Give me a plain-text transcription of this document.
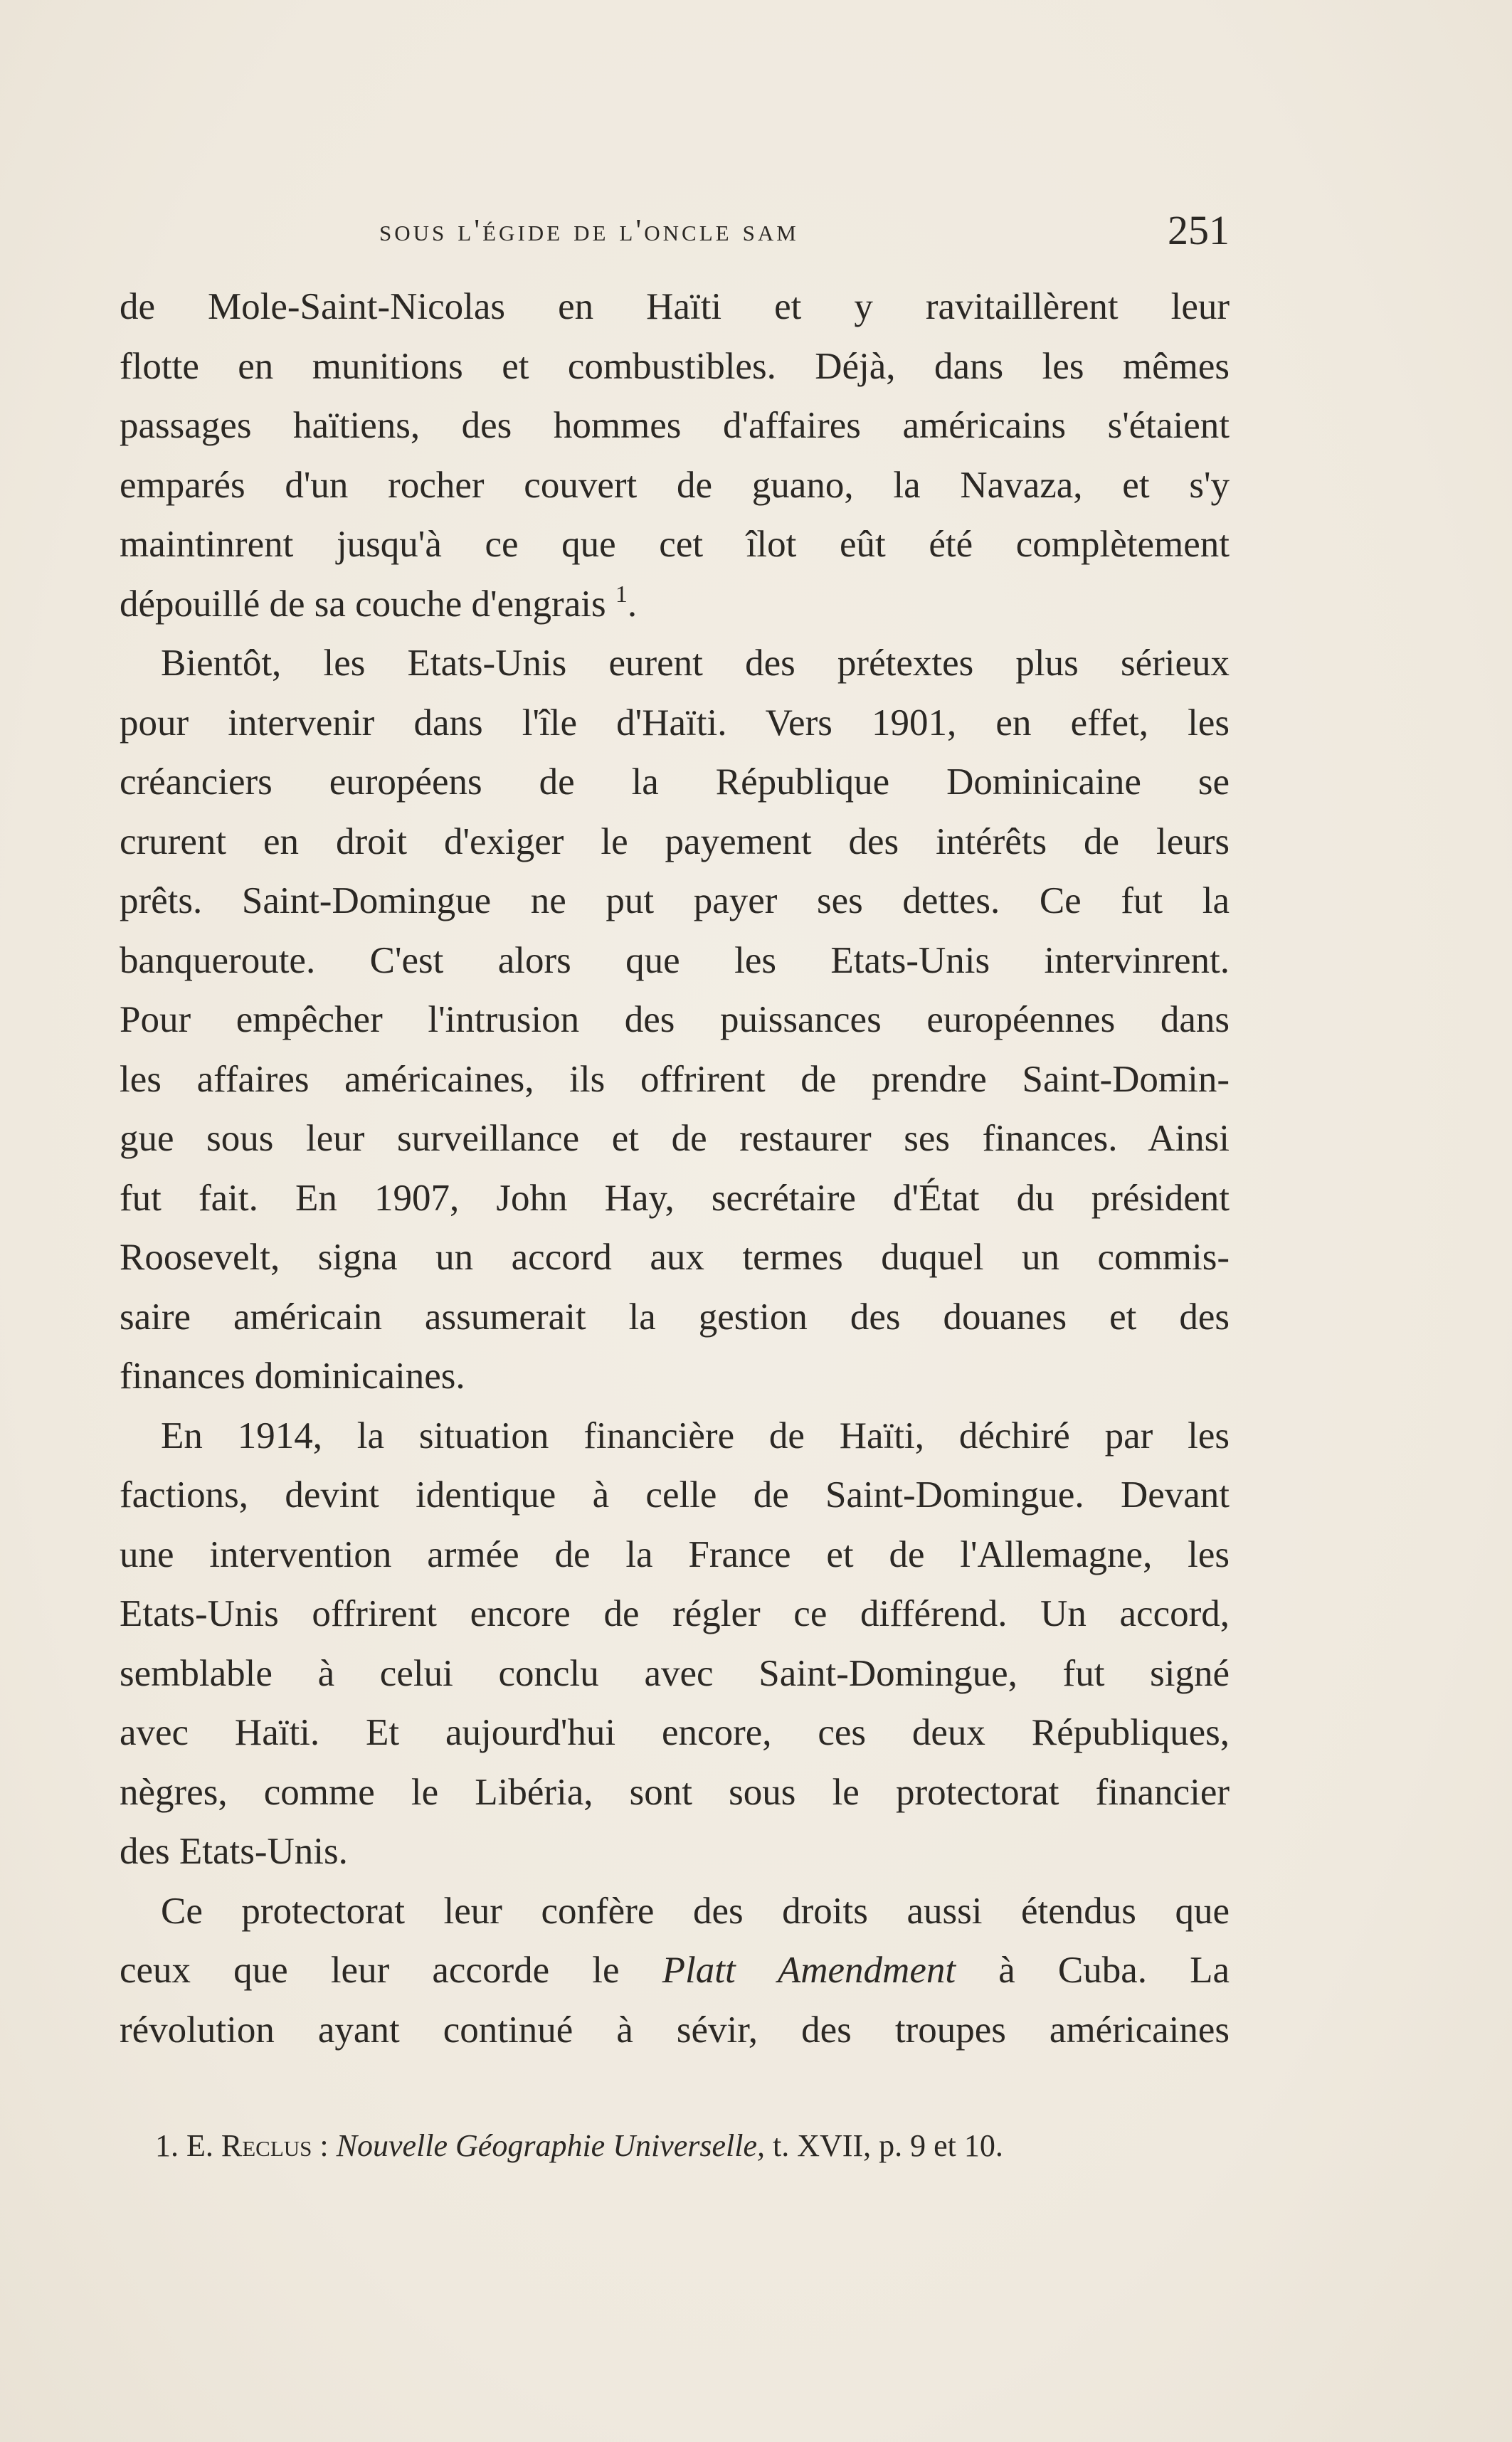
sous l'égide de l'oncle sam	251
de Mole-Saint-Nicolas en Haïti et y ravitaillèrent leur
flotte en munitions et combustibles. Déjà, dans les mêmes
passages haïtiens, des hommes d'affaires américains s'étaient
emparés d'un rocher couvert de guano, la Navaza, et s'y
maintinrent jusqu'à ce que cet îlot eût été complètement
dépouillé de sa couche d'engrais $^1$.
Bientôt, les Etats-Unis eurent des prétextes plus sérieux
pour intervenir dans l'île d'Haïti. Vers 1901, en effet, les
créanciers européens de la République Dominicaine se
crurent en droit d'exiger le payement des intérêts de leurs
prêts. Saint-Domingue ne put payer ses dettes. Ce fut la
banqueroute. C'est alors que les Etats-Unis intervinrent.
Pour empêcher l'intrusion des puissances européennes dans
les affaires américaines, ils offrirent de prendre Saint-Domin-
gue sous leur surveillance et de restaurer ses finances. Ainsi
fut fait. En 1907, John Hay, secrétaire d'État du président
Roosevelt, signa un accord aux termes duquel un commis-
saire américain assumerait la gestion des douanes et des
finances dominicaines.
En 1914, la situation financière de Haïti, déchiré par les
factions, devint identique à celle de Saint-Domingue. Devant
une intervention armée de la France et de l'Allemagne, les
Etats-Unis offrirent encore de régler ce différend. Un accord,
semblable à celui conclu avec Saint-Domingue, fut signé
avec Haïti. Et aujourd'hui encore, ces deux Républiques,
nègres, comme le Libéria, sont sous le protectorat financier
des Etats-Unis.
Ce protectorat leur confère des droits aussi étendus que
ceux que leur accorde le Platt Amendment à Cuba. La
révolution ayant continué à sévir, des troupes américaines
1. E. Reclus : Nouvelle Géographie Universelle, t. XVII, p. 9 et 10.
